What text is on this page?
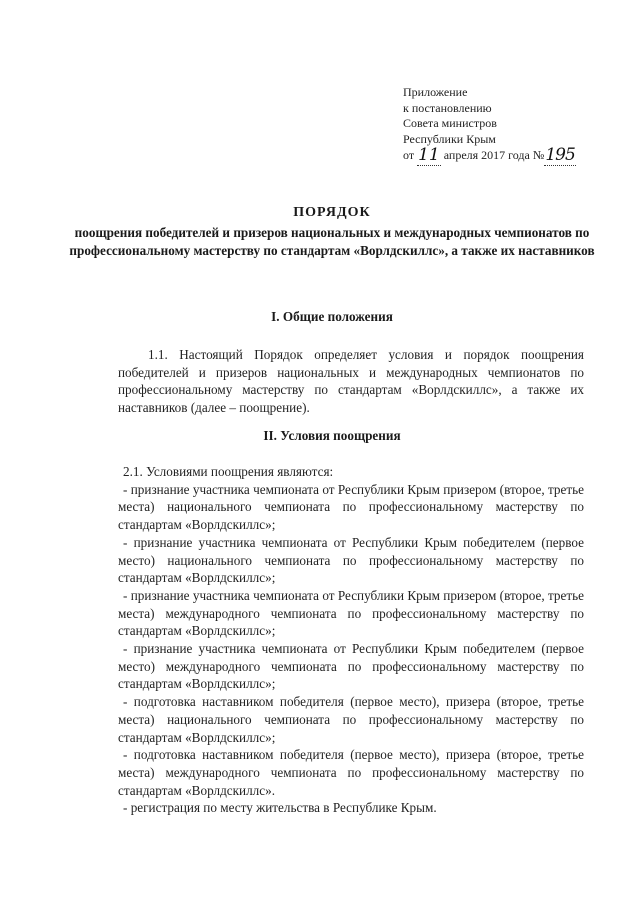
Приложение
к постановлению
Совета министров
Республики Крым
от 11 апреля 2017 года №195

ПОРЯДОК

поощрения победителей и призеров национальных и международных чемпионатов по профессиональному мастерству по стандартам «Ворлдскиллс», а также их наставников

I. Общие положения

1.1. Настоящий Порядок определяет условия и порядок поощрения победителей и призеров национальных и международных чемпионатов по профессиональному мастерству по стандартам «Ворлдскиллс», а также их наставников (далее – поощрение).

II. Условия поощрения
2.1. Условиями поощрения являются:
- признание участника чемпионата от Республики Крым призером (второе, третье места) национального чемпионата по профессиональному мастерству по стандартам «Ворлдскиллс»;
- признание участника чемпионата от Республики Крым победителем (первое место) национального чемпионата по профессиональному мастерству по стандартам «Ворлдскиллс»;
- признание участника чемпионата от Республики Крым призером (второе, третье места) международного чемпионата по профессиональному мастерству по стандартам «Ворлдскиллс»;
- признание участника чемпионата от Республики Крым победителем (первое место) международного чемпионата по профессиональному мастерству по стандартам «Ворлдскиллс»;
- подготовка наставником победителя (первое место), призера (второе, третье места) национального чемпионата по профессиональному мастерству по стандартам «Ворлдскиллс»;
- подготовка наставником победителя (первое место), призера (второе, третье места) международного чемпионата по профессиональному мастерству по стандартам «Ворлдскиллс».
- регистрация по месту жительства в Республике Крым.
